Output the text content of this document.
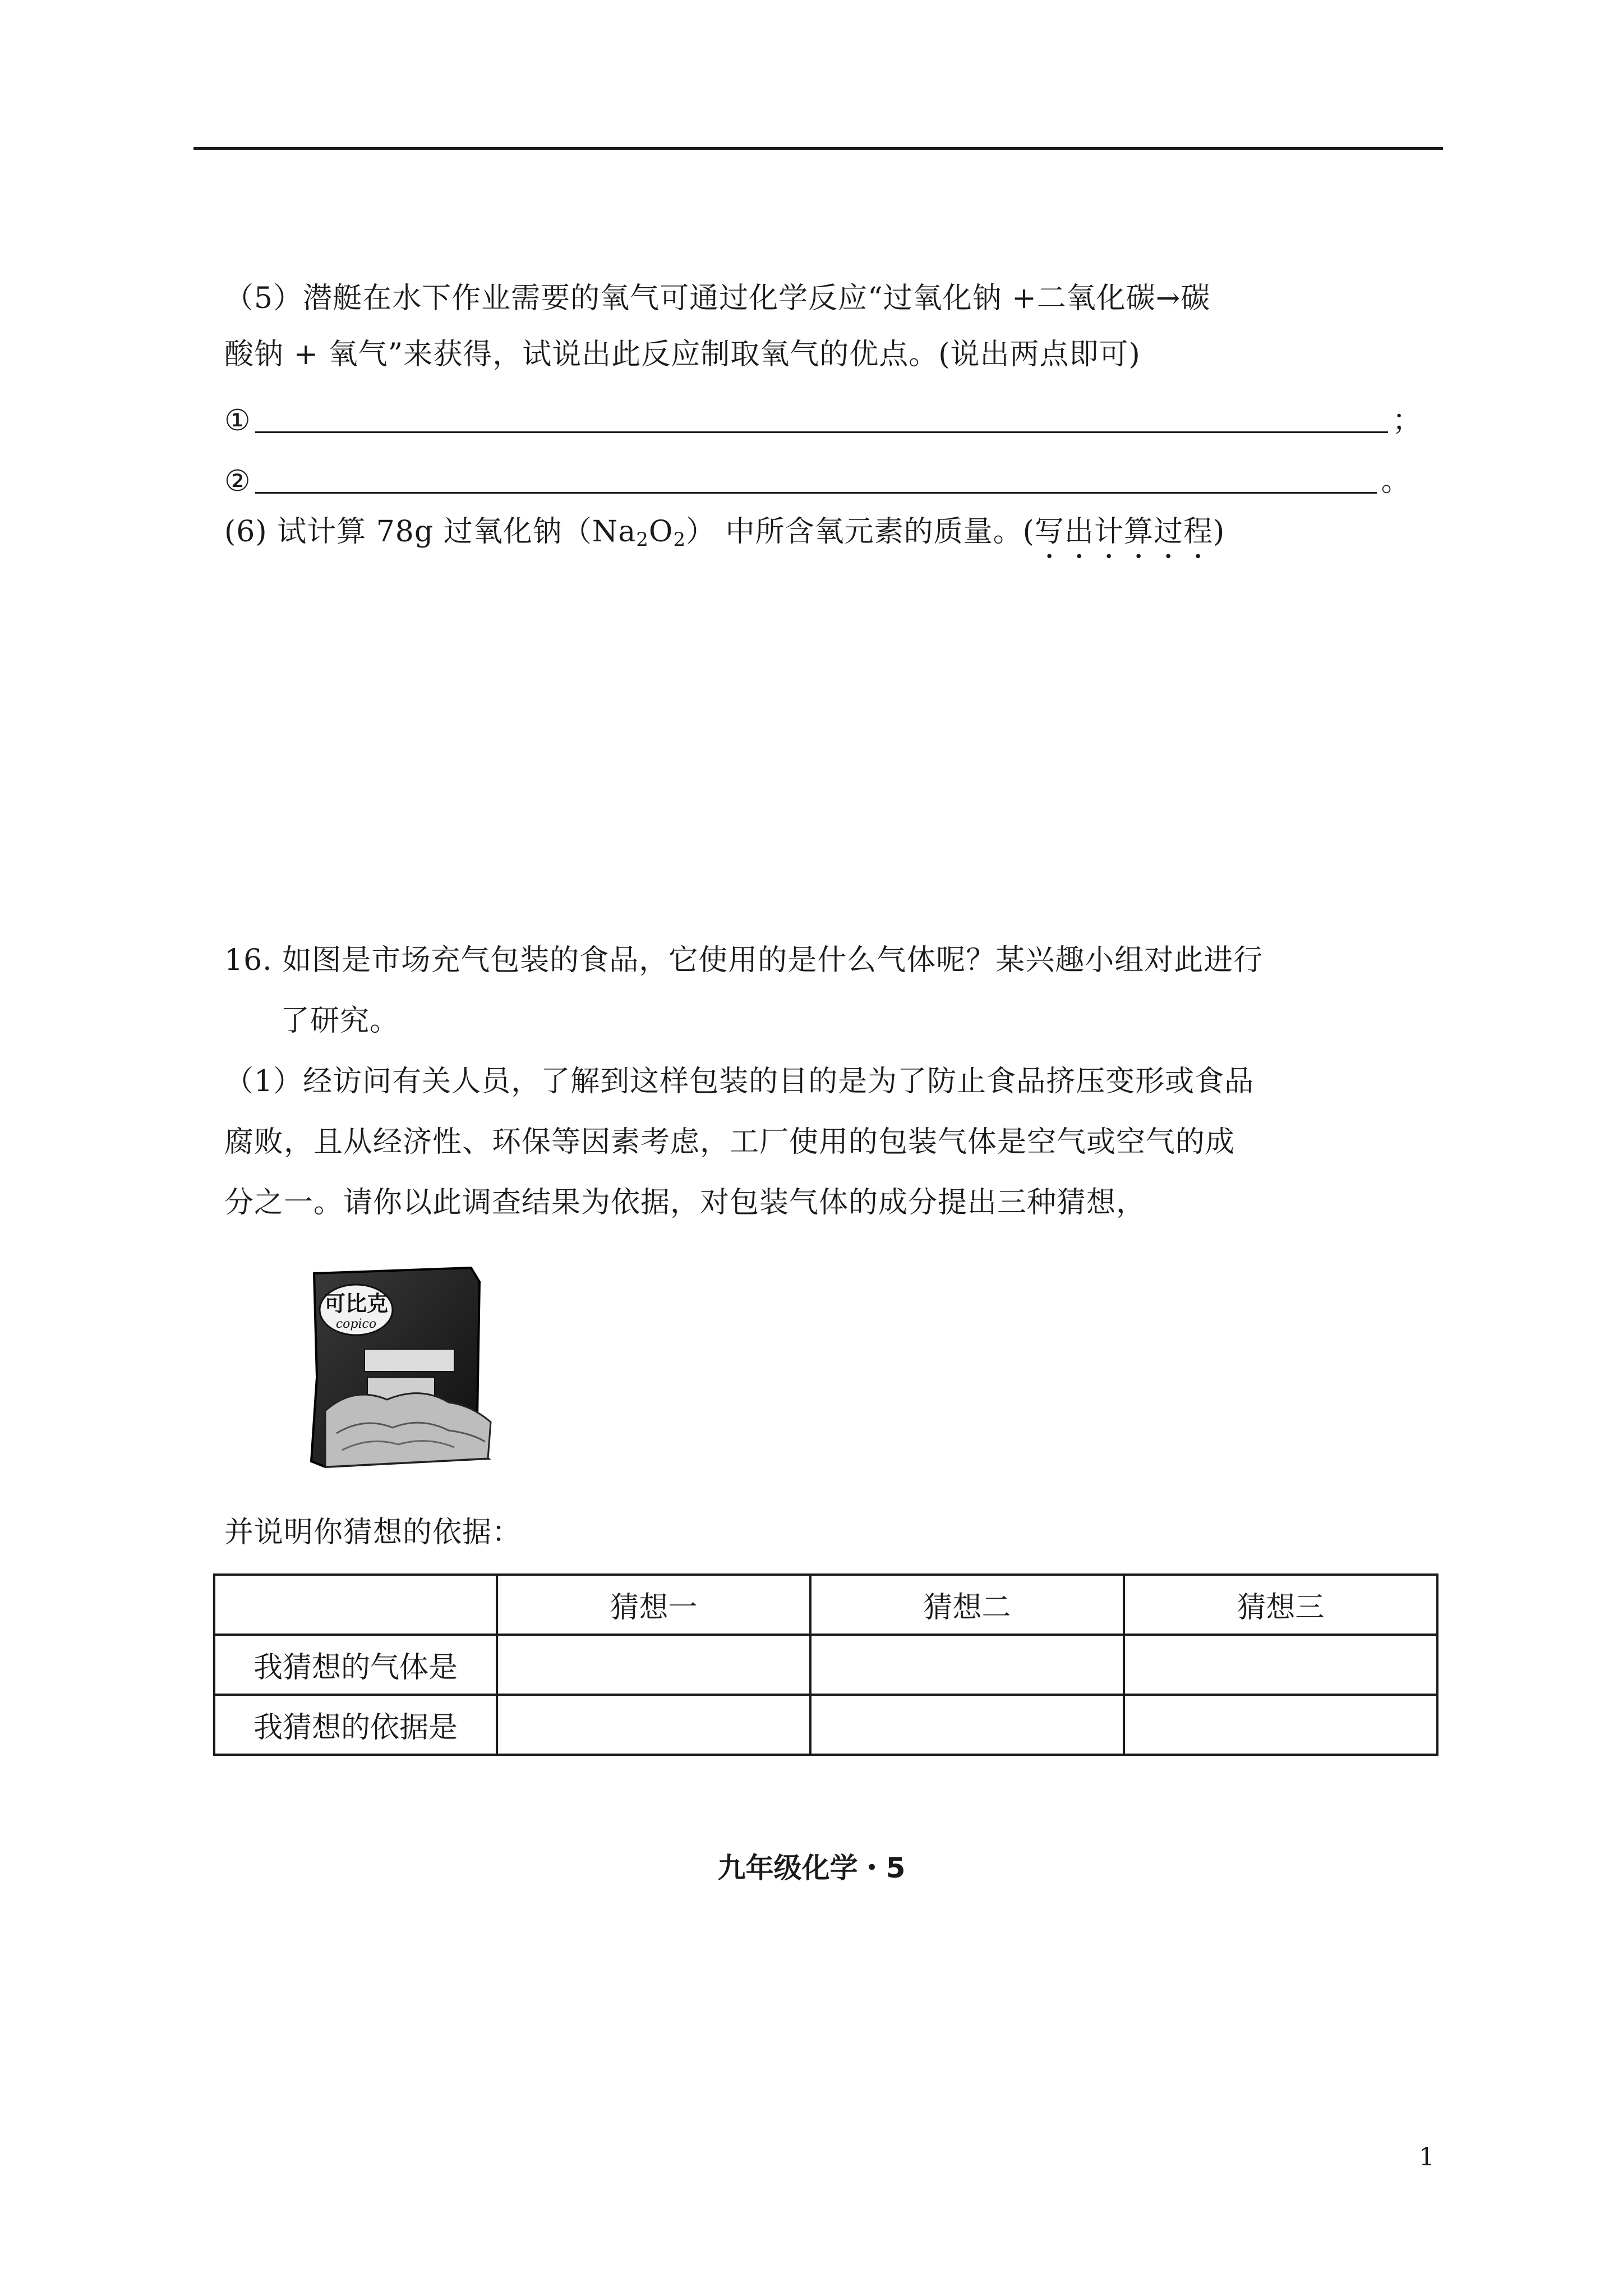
（5）潜艇在水下作业需要的氧气可通过化学反应“过氧化钠 +二氧化碳→碳
酸钠 + 氧气”来获得，试说出此反应制取氧气的优点。(说出两点即可)
①	；
②	。
(6) 试计算 78g 过氧化钠$(Na_2O_2)$ 中所含氧元素的质量。(写出计算过程)
16. 如图是市场充气包装的食品，它使用的是什么气体呢？某兴趣小组对此进行
了研究。
（1）经访问有关人员，了解到这样包装的目的是为了防止食品挤压变形或食品
腐败，且从经济性、环保等因素考虑，工厂使用的包装气体是空气或空气的成
分之一。请你以此调查结果为依据，对包装气体的成分提出三种猜想，
可比克
copico
并说明你猜想的依据：
	猜想一	猜想二	猜想三
我猜想的气体是			
我猜想的依据是			
九年级化学・5
1
